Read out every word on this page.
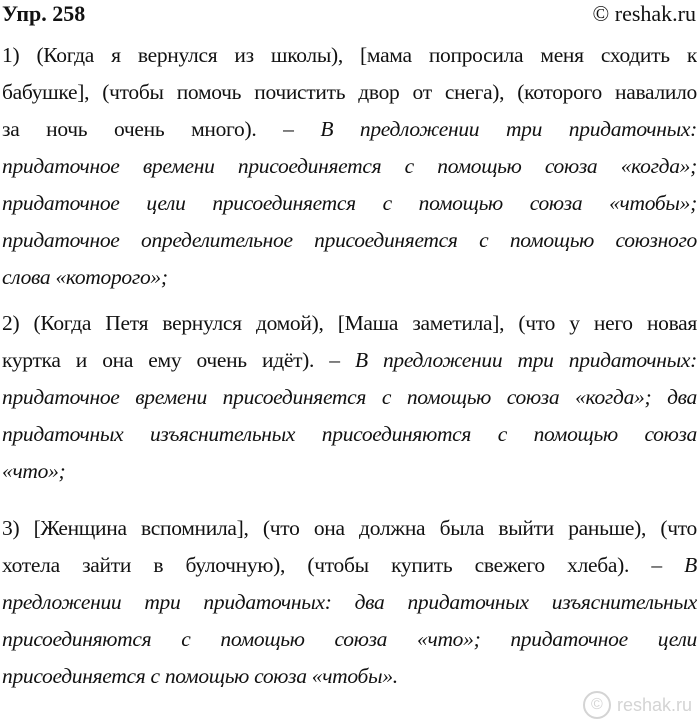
Упр. 258	© reshak.ru
1) (Когда я вернулся из школы), [мама попросила меня сходить к
бабушке], (чтобы помочь почистить двор от снега), (которого навалило
за ночь очень много). – В предложении три придаточных:
придаточное времени присоединяется с помощью союза «когда»;
придаточное цели присоединяется с помощью союза «чтобы»;
придаточное определительное присоединяется с помощью союзного
слова «которого»;
2) (Когда Петя вернулся домой), [Маша заметила], (что у него новая
куртка и она ему очень идёт). – В предложении три придаточных:
придаточное времени присоединяется с помощью союза «когда»; два
придаточных изъяснительных присоединяются с помощью союза
«что»;
3) [Женщина вспомнила], (что она должна была выйти раньше), (что
хотела зайти в булочную), (чтобы купить свежего хлеба). – В
предложении три придаточных: два придаточных изъяснительных
присоединяются с помощью союза «что»; придаточное цели
присоединяется с помощью союза «чтобы».
© reshak.ru
